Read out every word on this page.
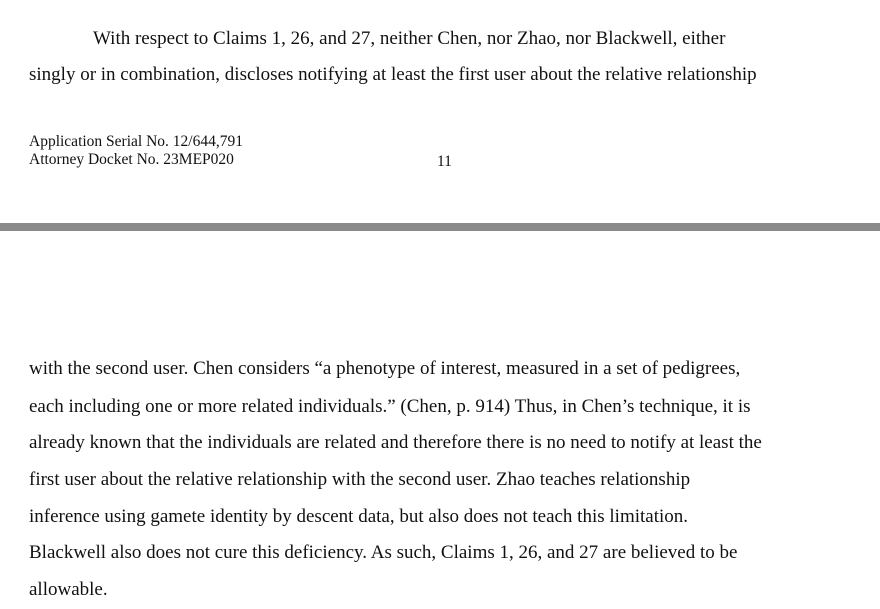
With respect to Claims 1, 26, and 27, neither Chen, nor Zhao, nor Blackwell, either
singly or in combination, discloses notifying at least the first user about the relative relationship
Application Serial No. 12/644,791
Attorney Docket No. 23MEP020	11
with the second user. Chen considers “a phenotype of interest, measured in a set of pedigrees,
each including one or more related individuals.” (Chen, p. 914) Thus, in Chen’s technique, it is
already known that the individuals are related and therefore there is no need to notify at least the
first user about the relative relationship with the second user. Zhao teaches relationship
inference using gamete identity by descent data, but also does not teach this limitation.
Blackwell also does not cure this deficiency. As such, Claims 1, 26, and 27 are believed to be
allowable.
